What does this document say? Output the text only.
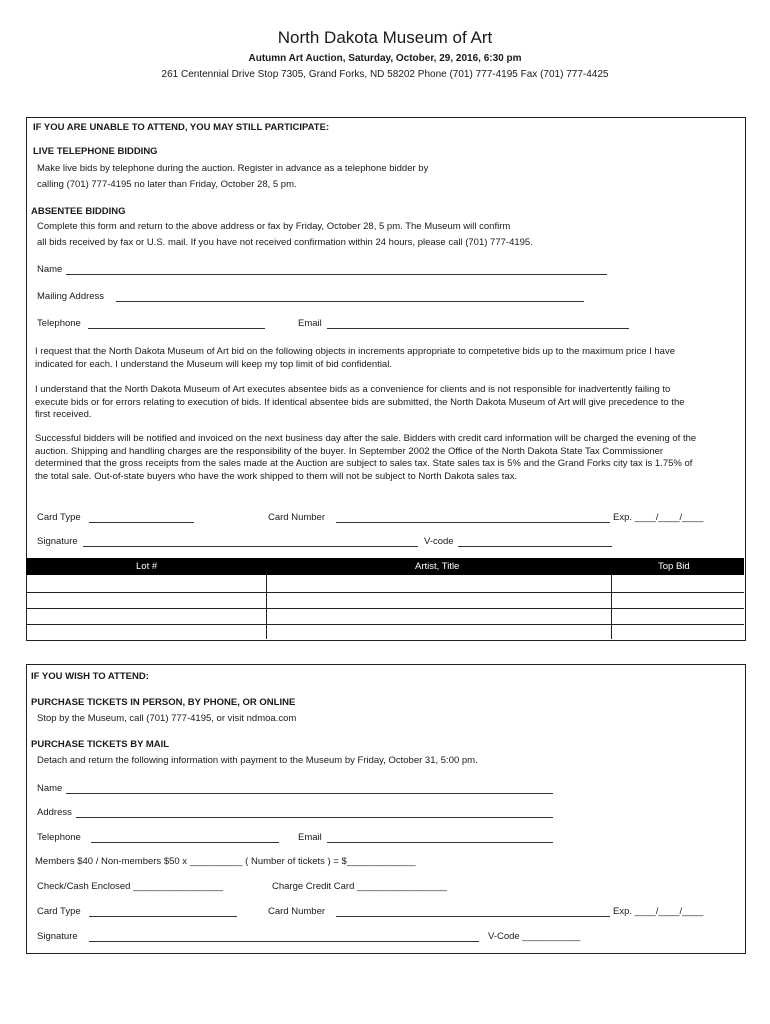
North Dakota Museum of Art
Autumn Art Auction, Saturday, October, 29, 2016, 6:30 pm
261 Centennial Drive Stop 7305, Grand Forks, ND 58202 Phone (701) 777-4195 Fax (701) 777-4425
IF YOU ARE UNABLE TO ATTEND, YOU MAY STILL PARTICIPATE:
LIVE TELEPHONE BIDDING
Make live bids by telephone during the auction. Register in advance as a telephone bidder by
calling (701) 777-4195 no later than Friday, October 28, 5 pm.
ABSENTEE BIDDING
Complete this form and return to the above address or fax by Friday, October 28, 5 pm. The Museum will confirm
all bids received by fax or U.S. mail. If you have not received confirmation within 24 hours, please call (701) 777-4195.
Name
Mailing Address
Telephone	Email
I request that the North Dakota Museum of Art bid on the following objects in increments appropriate to competetive bids up to the maximum price I have indicated for each. I understand the Museum will keep my top limit of bid confidential.
I understand that the North Dakota Museum of Art executes absentee bids as a convenience for clients and is not responsible for inadvertently failing to execute bids or for errors relating to execution of bids. If identical absentee bids are submitted, the North Dakota Museum of Art will give precedence to the first received.
Successful bidders will be notified and invoiced on the next business day after the sale. Bidders with credit card information will be charged the evening of the auction. Shipping and handling charges are the responsibility of the buyer. In September 2002 the Office of the North Dakota State Tax Commissioner determined that the gross receipts from the sales made at the Auction are subject to sales tax. State sales tax is 5% and the Grand Forks city tax is 1.75% of the total sale. Out-of-state buyers who have the work shipped to them will not be subject to North Dakota sales tax.
Card Type	Card Number	Exp. ____/____/____
Signature	V-code
Lot #	Artist, Title	Top Bid
IF YOU WISH TO ATTEND:
PURCHASE TICKETS IN PERSON, BY PHONE, OR ONLINE
Stop by the Museum, call (701) 777-4195, or visit ndmoa.com
PURCHASE TICKETS BY MAIL
Detach and return the following information with payment to the Museum by Friday, October 31, 5:00 pm.
Name
Address
Telephone	Email
Members $40 / Non-members $50 x __________ ( Number of tickets ) = $_____________
Check/Cash Enclosed _________________	Charge Credit Card _________________
Card Type	Card Number	Exp. ____/____/____
Signature	V-Code ___________
